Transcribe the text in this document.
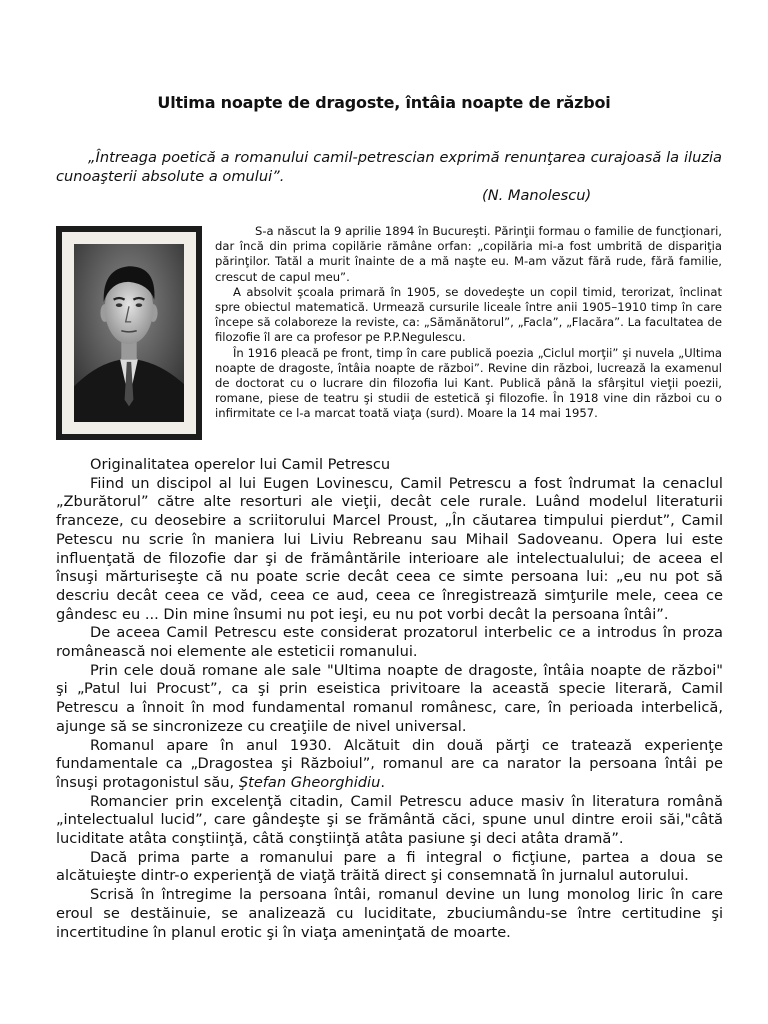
Ultima noapte de dragoste, întâia noapte de război
„Întreaga poetică a romanului camil-petrescian exprimă renunţarea curajoasă la iluzia cunoaşterii absolute a omului”.
(N. Manolescu)

S-a născut la 9 aprilie 1894 în Bucureşti. Părinţii formau o familie de funcţionari, dar încă din prima copilărie rămâne orfan: „copilăria mi-a fost umbrită de dispariţia părinţilor. Tatăl a murit înainte de a mă naşte eu. M-am văzut fără rude, fără familie, crescut de capul meu”.

A absolvit şcoala primară în 1905, se dovedeşte un copil timid, terorizat, înclinat spre obiectul matematică. Urmează cursurile liceale între anii 1905–1910 timp în care începe să colaboreze la reviste, ca: „Sămănătorul”, „Facla”, „Flacăra”. La facultatea de filozofie îl are ca profesor pe P.P.Negulescu.

În 1916 pleacă pe front, timp în care publică poezia „Ciclul morţii” şi nuvela „Ultima noapte de dragoste, întâia noapte de război”. Revine din război, lucrează la examenul de doctorat cu o lucrare din filozofia lui Kant. Publică până la sfârşitul vieţii poezii, romane, piese de teatru şi studii de estetică şi filozofie. În 1918 vine din război cu o infirmitate ce l-a marcat toată viaţa (surd). Moare la 14 mai 1957.

Originalitatea operelor lui Camil Petrescu

Fiind un discipol al lui Eugen Lovinescu, Camil Petrescu a fost îndrumat la cenaclul „Zburătorul” către alte resorturi ale vieţii, decât cele rurale. Luând modelul literaturii franceze, cu deosebire a scriitorului Marcel Proust, „În căutarea timpului pierdut”, Camil Petescu nu scrie în maniera lui Liviu Rebreanu sau Mihail Sadoveanu. Opera lui este influenţată de filozofie dar şi de frământările interioare ale intelectualului; de aceea el însuşi mărturiseşte că nu poate scrie decât ceea ce simte persoana lui: „eu nu pot să descriu decât ceea ce văd, ceea ce aud, ceea ce înregistrează simţurile mele, ceea ce gândesc eu ... Din mine însumi nu pot ieşi, eu nu pot vorbi decât la persoana întâi”.

De aceea Camil Petrescu este considerat prozatorul interbelic ce a introdus în proza românească noi elemente ale esteticii romanului.

Prin cele două romane ale sale "Ultima noapte de dragoste, întâia noapte de război" şi „Patul lui Procust”, ca şi prin eseistica privitoare la această specie literară, Camil Petrescu a înnoit în mod fundamental romanul românesc, care, în perioada interbelică, ajunge să se sincronizeze cu creaţiile de nivel universal.

Romanul apare în anul 1930. Alcătuit din două părţi ce tratează experienţe fundamentale ca „Dragostea şi Războiul”, romanul are ca narator la persoana întâi pe însuşi protagonistul său, Ştefan Gheorghidiu.

Romancier prin excelenţă citadin, Camil Petrescu aduce masiv în literatura română „intelectualul lucid”, care gândeşte şi se frământă căci, spune unul dintre eroii săi,"câtă luciditate atâta conştiinţă, câtă conştiinţă atâta pasiune şi deci atâta dramă”.

Dacă prima parte a romanului pare a fi integral o ficţiune, partea a doua se alcătuieşte dintr-o experienţă de viaţă trăită direct şi consemnată în jurnalul autorului.

Scrisă în întregime la persoana întâi, romanul devine un lung monolog liric în care eroul se destăinuie, se analizează cu luciditate, zbuciumându-se între certitudine şi incertitudine în planul erotic şi în viaţa ameninţată de moarte.
